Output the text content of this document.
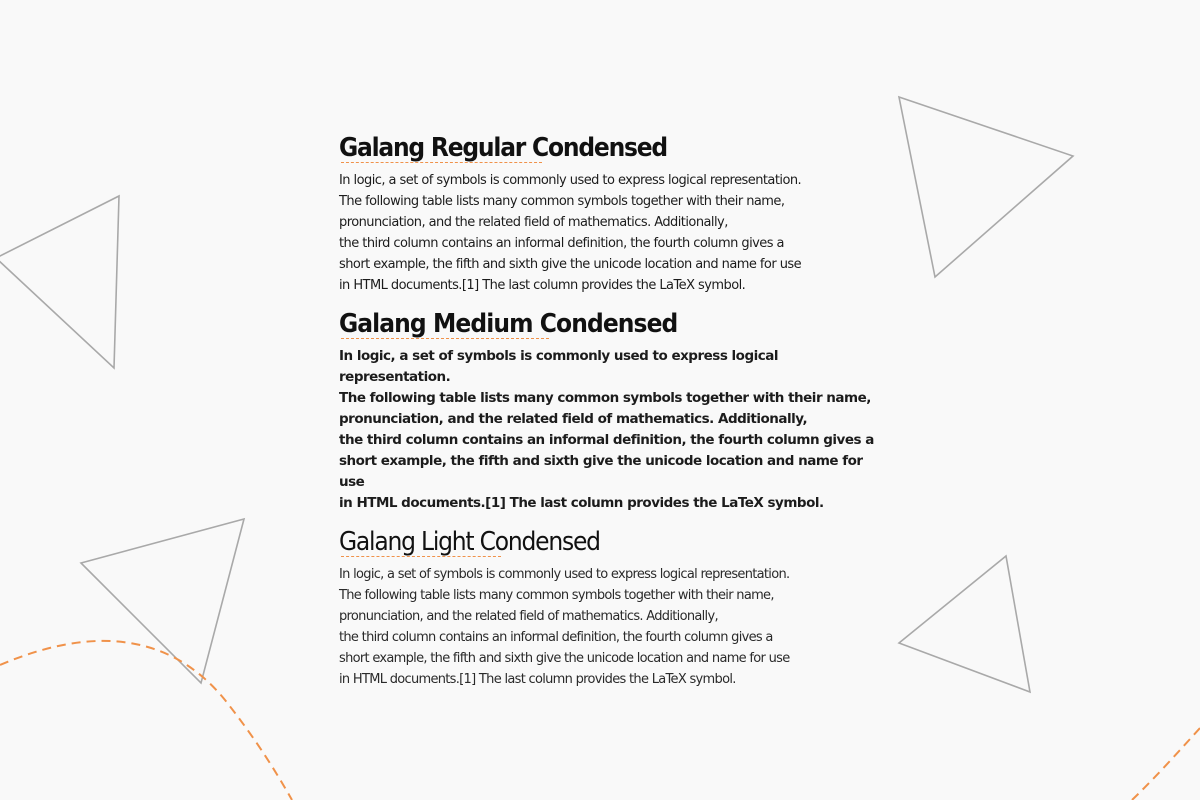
Galang Regular Condensed

In logic, a set of symbols is commonly used to express logical representation.
The following table lists many common symbols together with their name,
pronunciation, and the related field of mathematics. Additionally,
the third column contains an informal definition, the fourth column gives a
short example, the fifth and sixth give the unicode location and name for use
in HTML documents.[1] The last column provides the LaTeX symbol.

Galang Medium Condensed

In logic, a set of symbols is commonly used to express logical representation.
The following table lists many common symbols together with their name,
pronunciation, and the related field of mathematics. Additionally,
the third column contains an informal definition, the fourth column gives a
short example, the fifth and sixth give the unicode location and name for use
in HTML documents.[1] The last column provides the LaTeX symbol.

Galang Light Condensed

In logic, a set of symbols is commonly used to express logical representation.
The following table lists many common symbols together with their name,
pronunciation, and the related field of mathematics. Additionally,
the third column contains an informal definition, the fourth column gives a
short example, the fifth and sixth give the unicode location and name for use
in HTML documents.[1] The last column provides the LaTeX symbol.
